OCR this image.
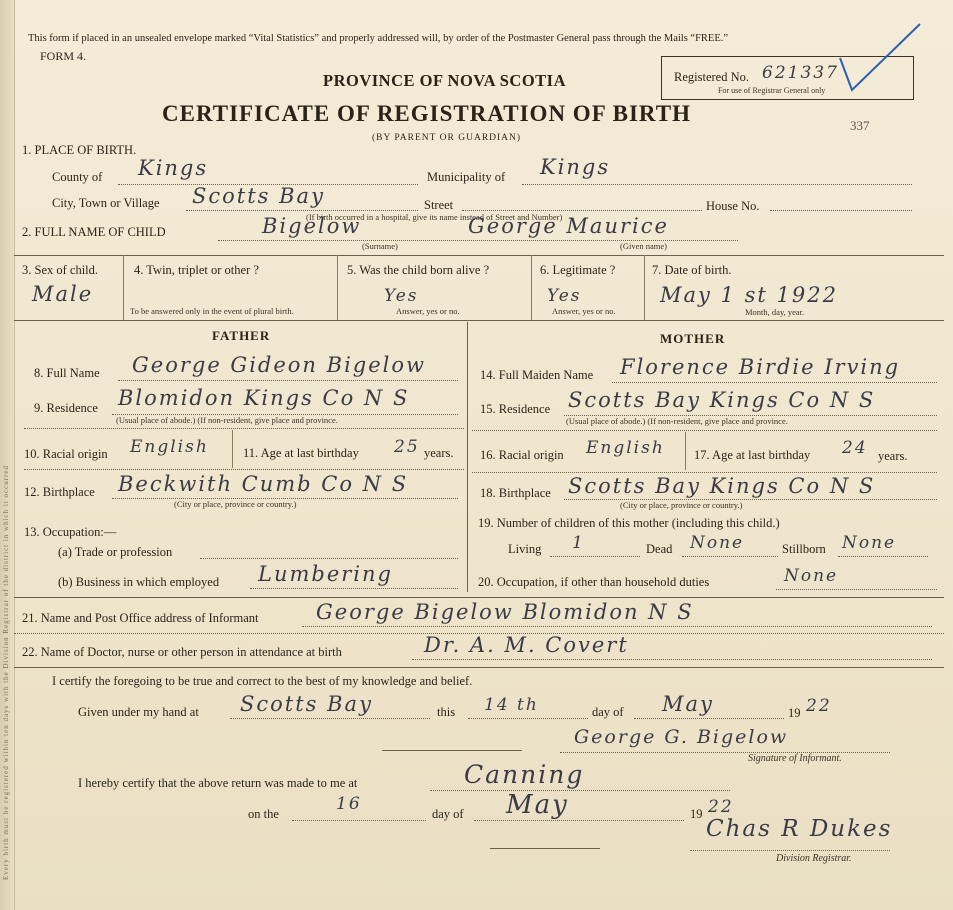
Every birth must be registered within ten days with the Division Registrar of the district in which it occurred
This form if placed in an unsealed envelope marked “Vital Statistics” and properly addressed will, by order of the Postmaster General pass through the Mails “FREE.”
FORM 4.
PROVINCE OF NOVA SCOTIA
CERTIFICATE OF REGISTRATION OF BIRTH
(BY PARENT OR GUARDIAN)
Registered No. 621337
For use of Registrar General only
337
1. PLACE OF BIRTH.
County of Kings	Municipality of Kings
City, Town or Village Scotts Bay	Street	House No.
(If birth occurred in a hospital, give its name instead of Street and Number)
2. FULL NAME OF CHILD	Bigelow	George Maurice
(Surname)	(Given name)
3. Sex of child.
Male
4. Twin, triplet or other ?
To be answered only in the event of plural birth.
5. Was the child born alive ?
Yes
Answer, yes or no.
6. Legitimate ?
Yes
Answer, yes or no.
7. Date of birth.
May 1 st 1922
Month, day, year.
FATHER	MOTHER
8. Full Name George Gideon Bigelow
9. Residence Blomidon Kings Co N S
(Usual place of abode.) (If non-resident, give place and province.
10. Racial origin English	11. Age at last birthday 25 years.
12. Birthplace Beckwith Cumb Co N S
(City or place, province or country.)
13. Occupation:—
(a) Trade or profession
(b) Business in which employed Lumbering
14. Full Maiden Name Florence Birdie Irving
15. Residence Scotts Bay Kings Co N S
(Usual place of abode.) (If non-resident, give place and province.
16. Racial origin English 17. Age at last birthday 24 years.
18. Birthplace Scotts Bay Kings Co N S
(City or place, province or country.)
19. Number of children of this mother (including this child.)
Living 1	Dead None	Stillborn None
20. Occupation, if other than household duties	None
21. Name and Post Office address of Informant	George Bigelow Blomidon N S
22. Name of Doctor, nurse or other person in attendance at birth	Dr. A. M. Covert
I certify the foregoing to be true and correct to the best of my knowledge and belief.
Given under my hand at Scotts Bay	this 14 th	day of May	19 22
George G. Bigelow
Signature of Informant.
I hereby certify that the above return was made to me at	Canning
on the	16	day of May	19 22
Chas R Dukes
Division Registrar.
